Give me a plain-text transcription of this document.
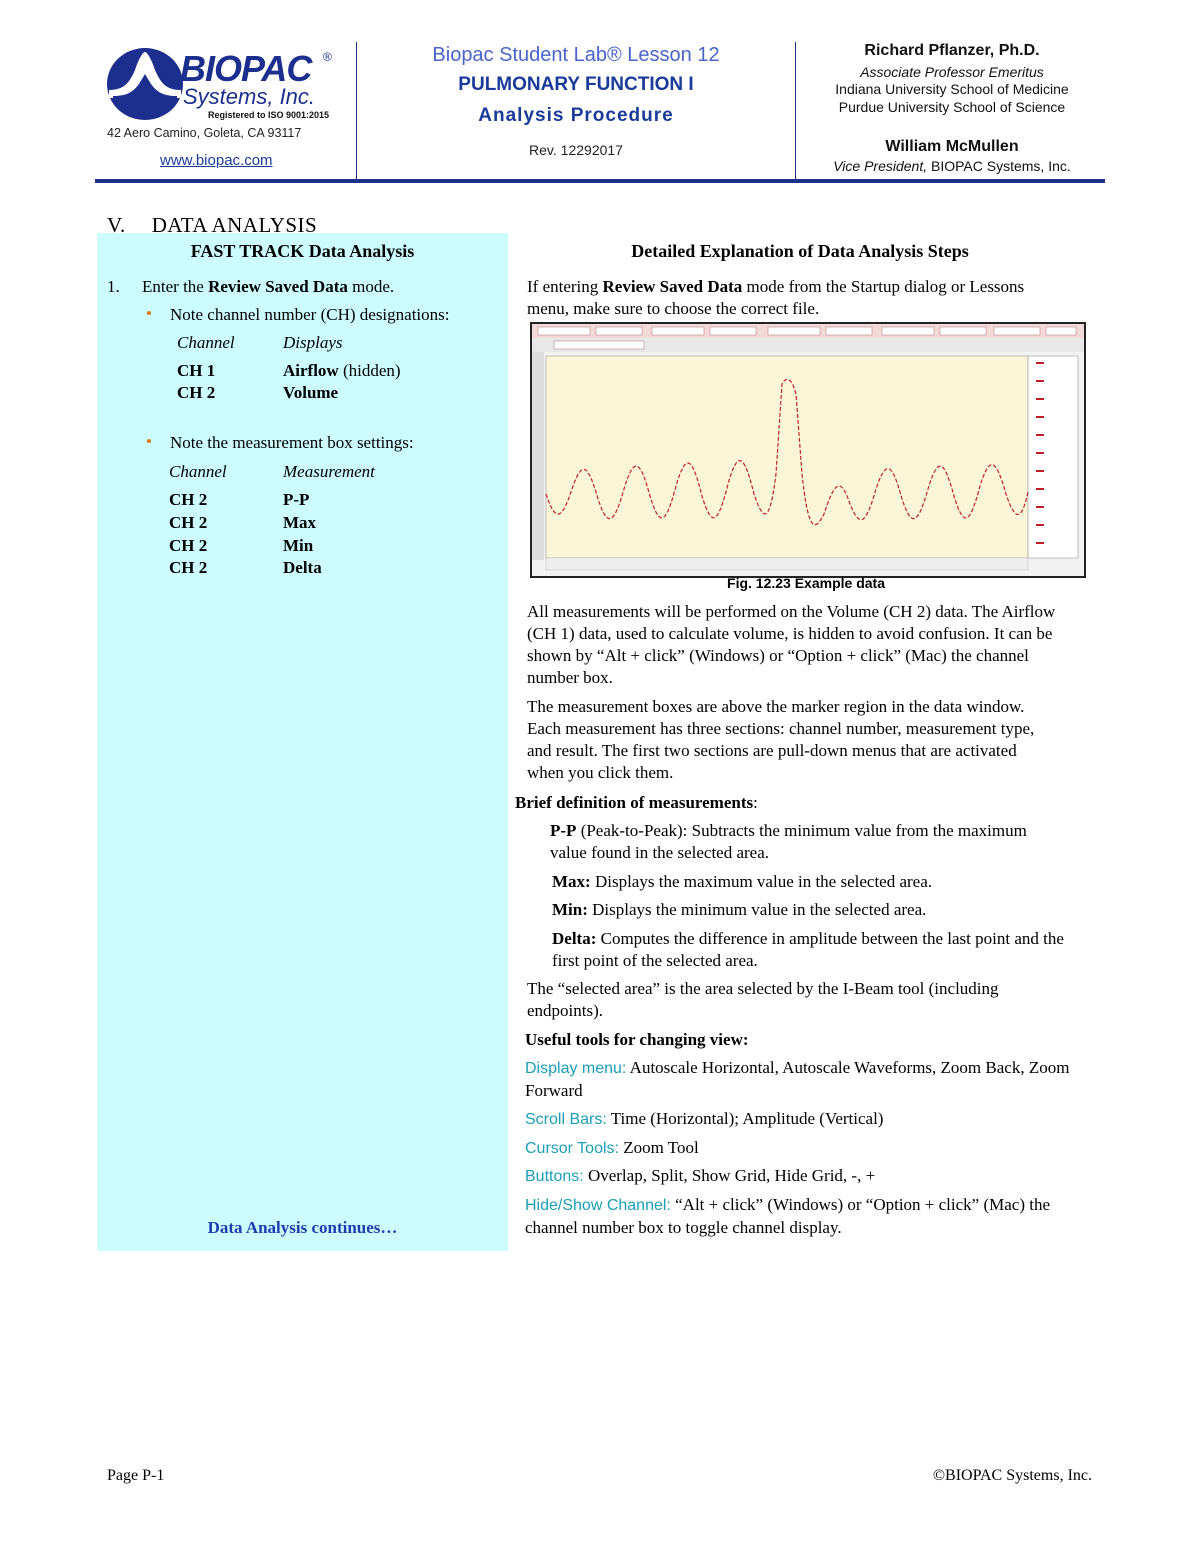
BIOPAC ®
Systems, Inc.
Registered to ISO 9001:2015
42 Aero Camino, Goleta, CA 93117
www.biopac.com
Biopac Student Lab® Lesson 12
PULMONARY FUNCTION I
Analysis Procedure
Rev. 12292017
Richard Pflanzer, Ph.D.
Associate Professor Emeritus
Indiana University School of Medicine
Purdue University School of Science
William McMullen
Vice President, BIOPAC Systems, Inc.
V. DATA ANALYSIS
FAST TRACK Data Analysis	Detailed Explanation of Data Analysis Steps
1. Enter the Review Saved Data mode.
• Note channel number (CH) designations:
Channel	Displays
CH 1	Airflow (hidden)
CH 2	Volume
• Note the measurement box settings:
Channel	Measurement
CH 2	P-P
CH 2	Max
CH 2	Min
CH 2	Delta
Data Analysis continues…
If entering Review Saved Data mode from the Startup dialog or Lessons menu, make sure to choose the correct file.
Fig. 12.23 Example data
All measurements will be performed on the Volume (CH 2) data. The Airflow (CH 1) data, used to calculate volume, is hidden to avoid confusion. It can be shown by “Alt + click” (Windows) or “Option + click” (Mac) the channel number box.
The measurement boxes are above the marker region in the data window. Each measurement has three sections: channel number, measurement type, and result. The first two sections are pull-down menus that are activated when you click them.
Brief definition of measurements:
P-P (Peak-to-Peak): Subtracts the minimum value from the maximum value found in the selected area.
Max: Displays the maximum value in the selected area.
Min: Displays the minimum value in the selected area.
Delta: Computes the difference in amplitude between the last point and the first point of the selected area.
The “selected area” is the area selected by the I-Beam tool (including endpoints).
Useful tools for changing view:
Display menu: Autoscale Horizontal, Autoscale Waveforms, Zoom Back, Zoom Forward
Scroll Bars: Time (Horizontal); Amplitude (Vertical)
Cursor Tools: Zoom Tool
Buttons: Overlap, Split, Show Grid, Hide Grid, -, +
Hide/Show Channel: “Alt + click” (Windows) or “Option + click” (Mac) the channel number box to toggle channel display.
Page P-1	©BIOPAC Systems, Inc.
